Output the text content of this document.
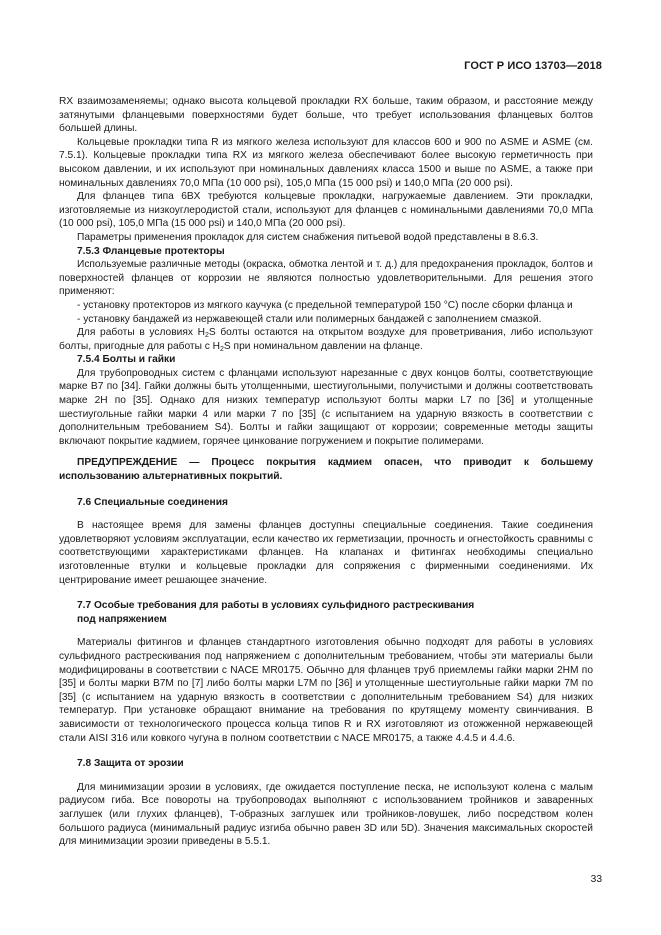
ГОСТ Р ИСО 13703—2018

RX взаимозаменяемы; однако высота кольцевой прокладки RX больше, таким образом, и расстояние между затянутыми фланцевыми поверхностями будет больше, что требует использования фланцевых болтов большей длины.

Кольцевые прокладки типа R из мягкого железа используют для классов 600 и 900 по ASME и ASME (см. 7.5.1). Кольцевые прокладки типа RX из мягкого железа обеспечивают более высокую герметичность при высоком давлении, и их используют при номинальных давлениях класса 1500 и выше по ASME, а также при номинальных давлениях 70,0 МПа (10 000 psi), 105,0 МПа (15 000 psi) и 140,0 МПа (20 000 psi).

Для фланцев типа 6BX требуются кольцевые прокладки, нагружаемые давлением. Эти прокладки, изготовляемые из низкоуглеродистой стали, используют для фланцев с номинальными давлениями 70,0 МПа (10 000 psi), 105,0 МПа (15 000 psi) и 140,0 МПа (20 000 psi).

Параметры применения прокладок для систем снабжения питьевой водой представлены в 8.6.3.

7.5.3 Фланцевые протекторы

Используемые различные методы (окраска, обмотка лентой и т. д.) для предохранения прокладок, болтов и поверхностей фланцев от коррозии не являются полностью удовлетворительными. Для решения этого применяют:

- установку протекторов из мягкого каучука (с предельной температурой 150 °C) после сборки фланца и

- установку бандажей из нержавеющей стали или полимерных бандажей с заполнением смазкой.

Для работы в условиях $H_2S$ болты остаются на открытом воздухе для проветривания, либо используют болты, пригодные для работы с $H_2S$ при номинальном давлении на фланце.

7.5.4 Болты и гайки

Для трубопроводных систем с фланцами используют нарезанные с двух концов болты, соответствующие марке B7 по [34]. Гайки должны быть утолщенными, шестиугольными, получистыми и должны соответствовать марке 2H по [35]. Однако для низких температур используют болты марки L7 по [36] и утолщенные шестиугольные гайки марки 4 или марки 7 по [35] (с испытанием на ударную вязкость в соответствии с дополнительным требованием S4). Болты и гайки защищают от коррозии; современные методы защиты включают покрытие кадмием, горячее цинкование погружением и покрытие полимерами.

ПРЕДУПРЕЖДЕНИЕ — Процесс покрытия кадмием опасен, что приводит к большему использованию альтернативных покрытий.

7.6 Специальные соединения

В настоящее время для замены фланцев доступны специальные соединения. Такие соединения удовлетворяют условиям эксплуатации, если качество их герметизации, прочность и огнестойкость сравнимы с соответствующими характеристиками фланцев. На клапанах и фитингах необходимы специально изготовленные втулки и кольцевые прокладки для сопряжения с фирменными соединениями. Их центрирование имеет решающее значение.

7.7 Особые требования для работы в условиях сульфидного растрескивания
под напряжением

Материалы фитингов и фланцев стандартного изготовления обычно подходят для работы в условиях сульфидного растрескивания под напряжением с дополнительным требованием, чтобы эти материалы были модифицированы в соответствии с NACE MR0175. Обычно для фланцев труб приемлемы гайки марки 2HM по [35] и болты марки B7M по [7] либо болты марки L7M по [36] и утолщенные шестиугольные гайки марки 7M по [35] (с испытанием на ударную вязкость в соответствии с дополнительным требованием S4) для низких температур. При установке обращают внимание на требования по крутящему моменту свинчивания. В зависимости от технологического процесса кольца типов R и RX изготовляют из отожженной нержавеющей стали AISI 316 или ковкого чугуна в полном соответствии с NACE MR0175, а также 4.4.5 и 4.4.6.

7.8 Защита от эрозии

Для минимизации эрозии в условиях, где ожидается поступление песка, не используют колена с малым радиусом гиба. Все повороты на трубопроводах выполняют с использованием тройников и заваренных заглушек (или глухих фланцев), T-образных заглушек или тройников-ловушек, либо посредством колен большого радиуса (минимальный радиус изгиба обычно равен 3D или 5D). Значения максимальных скоростей для минимизации эрозии приведены в 5.5.1.

33
